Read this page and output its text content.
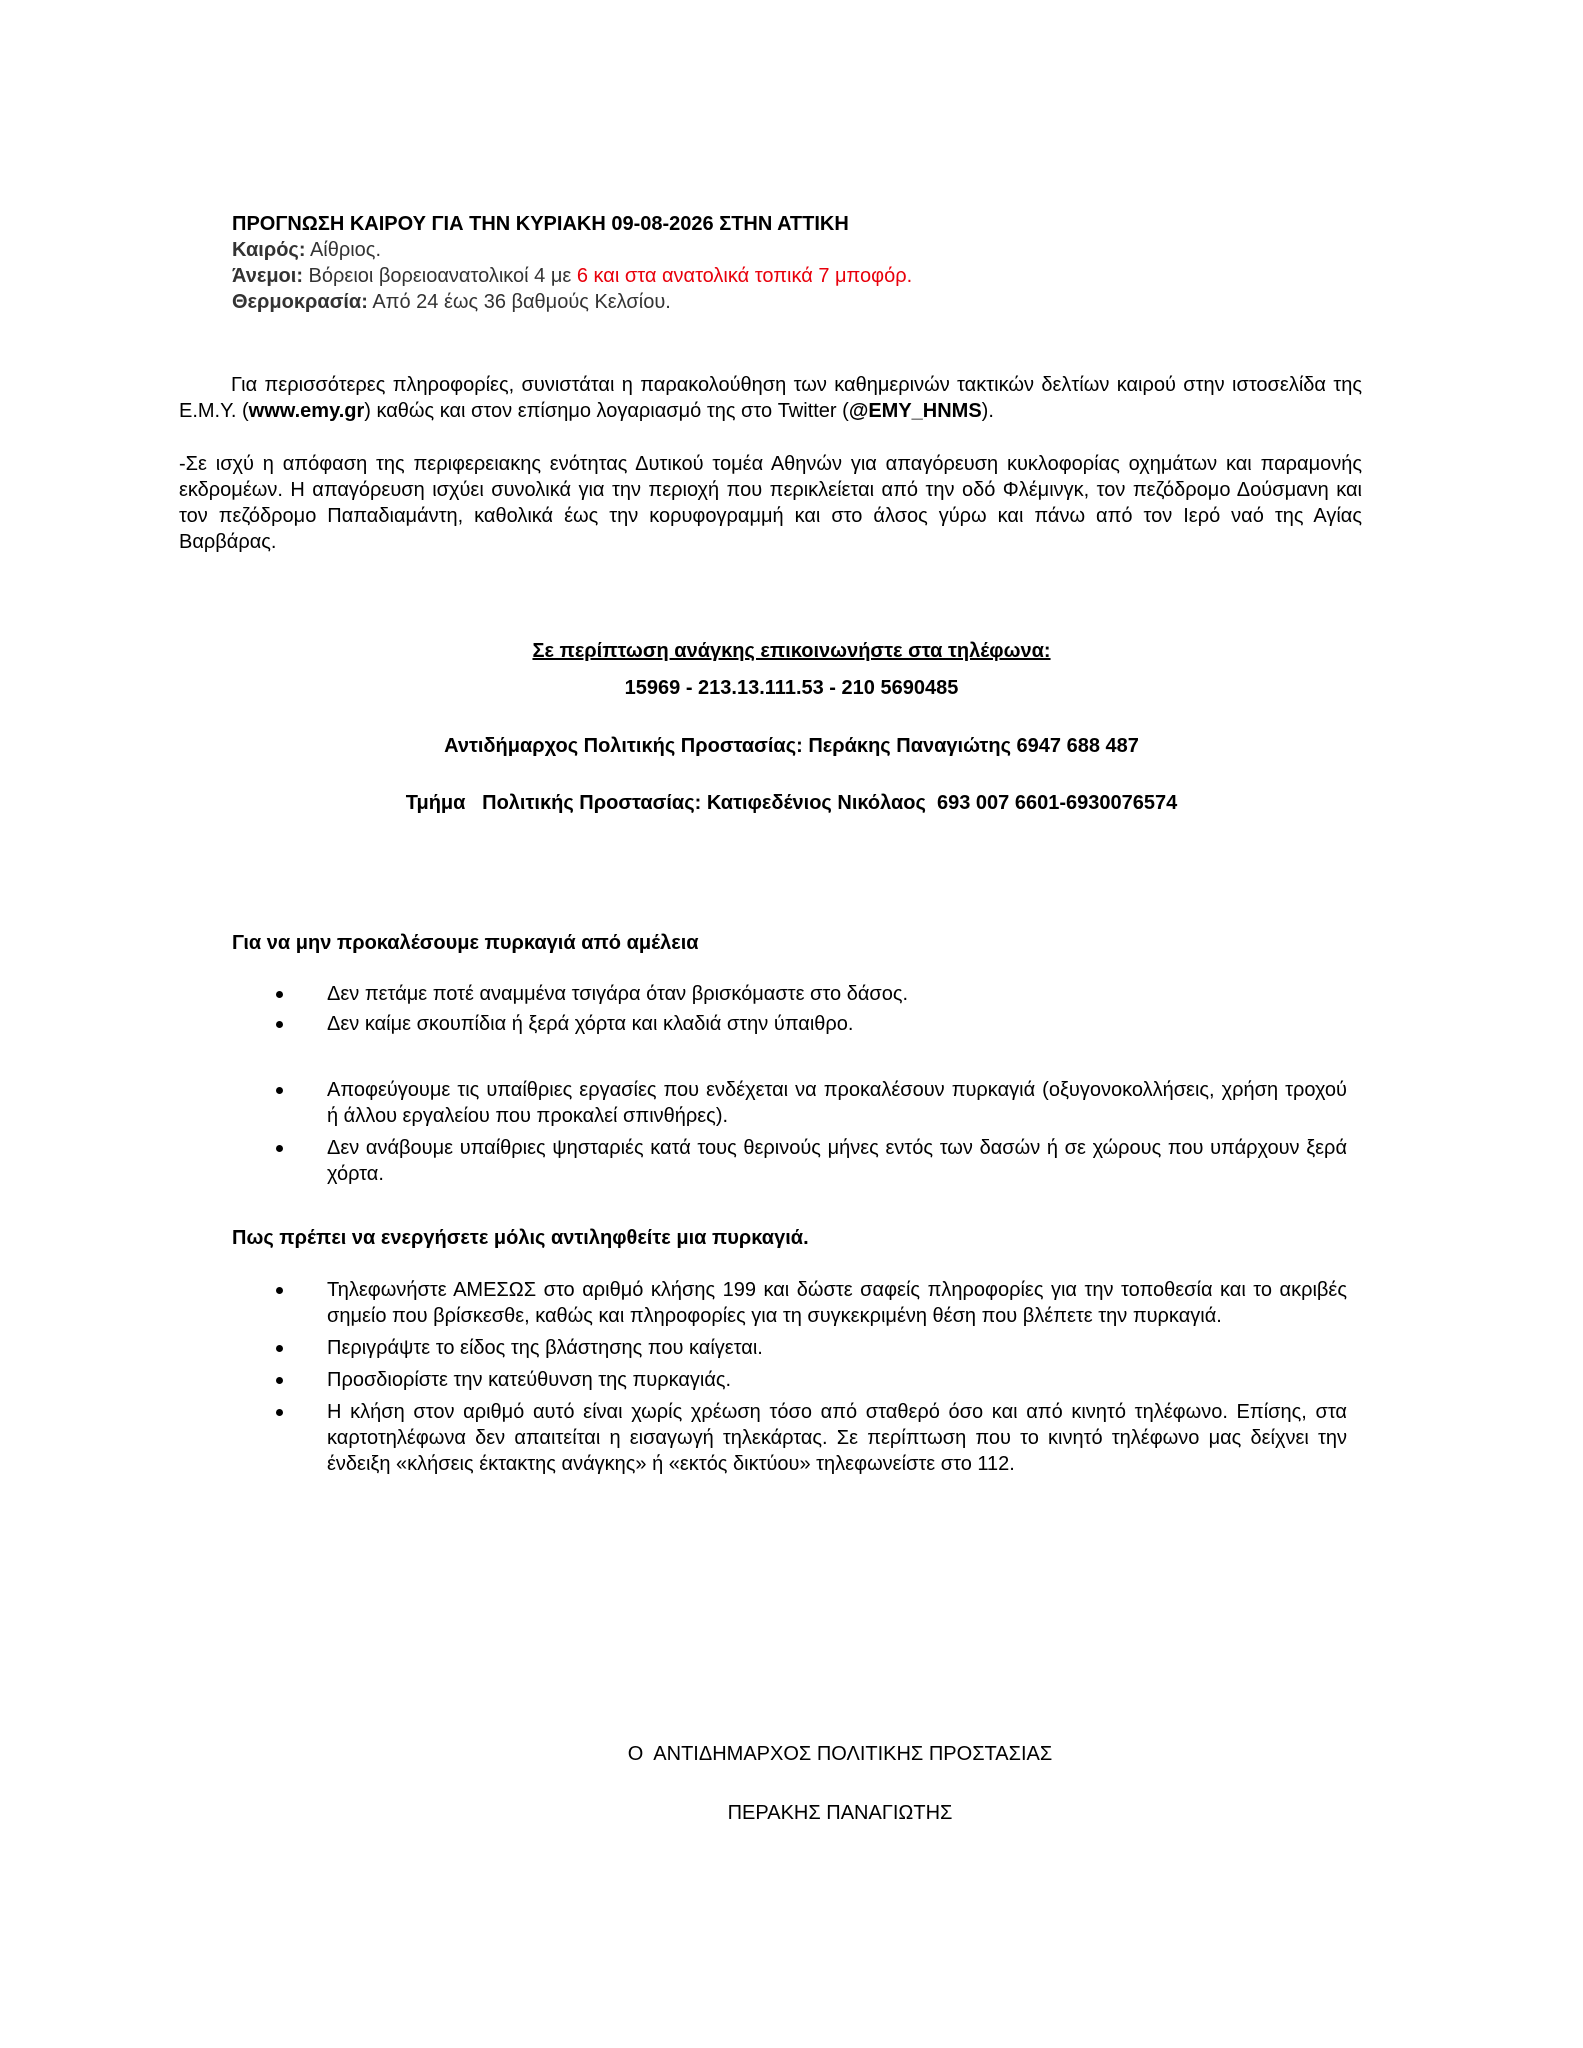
ΠΡΟΓΝΩΣΗ ΚΑΙΡΟΥ ΓΙΑ ΤΗΝ ΚΥΡΙΑΚΗ 09-08-2026 ΣΤΗΝ ΑΤΤΙΚΗ
Καιρός: Αίθριος.
Άνεμοι: Βόρειοι βορειοανατολικοί 4 με 6 και στα ανατολικά τοπικά 7 μποφόρ.
Θερμοκρασία: Από 24 έως 36 βαθμούς Κελσίου.
Για περισσότερες πληροφορίες, συνιστάται η παρακολούθηση των καθημερινών τακτικών δελτίων καιρού στην ιστοσελίδα της Ε.Μ.Υ. (www.emy.gr) καθώς και στον επίσημο λογαριασμό της στο Twitter (@EMY_HNMS).
-Σε ισχύ η απόφαση της περιφερειακης ενότητας Δυτικού τομέα Αθηνών για απαγόρευση κυκλοφορίας οχημάτων και παραμονής εκδρομέων. Η απαγόρευση ισχύει συνολικά για την περιοχή που περικλείεται από την οδό Φλέμινγκ, τον πεζόδρομο Δούσμανη και τον πεζόδρομο Παπαδιαμάντη, καθολικά έως την κορυφογραμμή και στο άλσος γύρω και πάνω από τον Ιερό ναό της Αγίας Βαρβάρας.
Σε περίπτωση ανάγκης επικοινωνήστε στα τηλέφωνα:
15969 - 213.13.111.53 - 210 5690485
Αντιδήμαρχος Πολιτικής Προστασίας: Περάκης Παναγιώτης 6947 688 487
Τμήμα   Πολιτικής Προστασίας: Κατιφεδένιος Νικόλαος  693 007 6601-6930076574
Για να μην προκαλέσουμε πυρκαγιά από αμέλεια
Δεν πετάμε ποτέ αναμμένα τσιγάρα όταν βρισκόμαστε στο δάσος.
Δεν καίμε σκουπίδια ή ξερά χόρτα και κλαδιά στην ύπαιθρο.
Αποφεύγουμε τις υπαίθριες εργασίες που ενδέχεται να προκαλέσουν πυρκαγιά (οξυγονοκολλήσεις, χρήση τροχού ή άλλου εργαλείου που προκαλεί σπινθήρες).
Δεν ανάβουμε υπαίθριες ψησταριές κατά τους θερινούς μήνες εντός των δασών ή σε χώρους που υπάρχουν ξερά χόρτα.
Πως πρέπει να ενεργήσετε μόλις αντιληφθείτε μια πυρκαγιά.
Τηλεφωνήστε ΑΜΕΣΩΣ στο αριθμό κλήσης 199 και δώστε σαφείς πληροφορίες για την τοποθεσία και το ακριβές σημείο που βρίσκεσθε, καθώς και πληροφορίες για τη συγκεκριμένη θέση που βλέπετε την πυρκαγιά.
Περιγράψτε το είδος της βλάστησης που καίγεται.
Προσδιορίστε την κατεύθυνση της πυρκαγιάς.
Η κλήση στον αριθμό αυτό είναι χωρίς χρέωση τόσο από σταθερό όσο και από κινητό τηλέφωνο. Επίσης, στα καρτοτηλέφωνα δεν απαιτείται η εισαγωγή τηλεκάρτας. Σε περίπτωση που το κινητό τηλέφωνο μας δείχνει την ένδειξη «κλήσεις έκτακτης ανάγκης» ή «εκτός δικτύου» τηλεφωνείστε στο 112.
Ο  ΑΝΤΙΔΗΜΑΡΧΟΣ ΠΟΛΙΤΙΚΗΣ ΠΡΟΣΤΑΣΙΑΣ
ΠΕΡΑΚΗΣ ΠΑΝΑΓΙΩΤΗΣ
